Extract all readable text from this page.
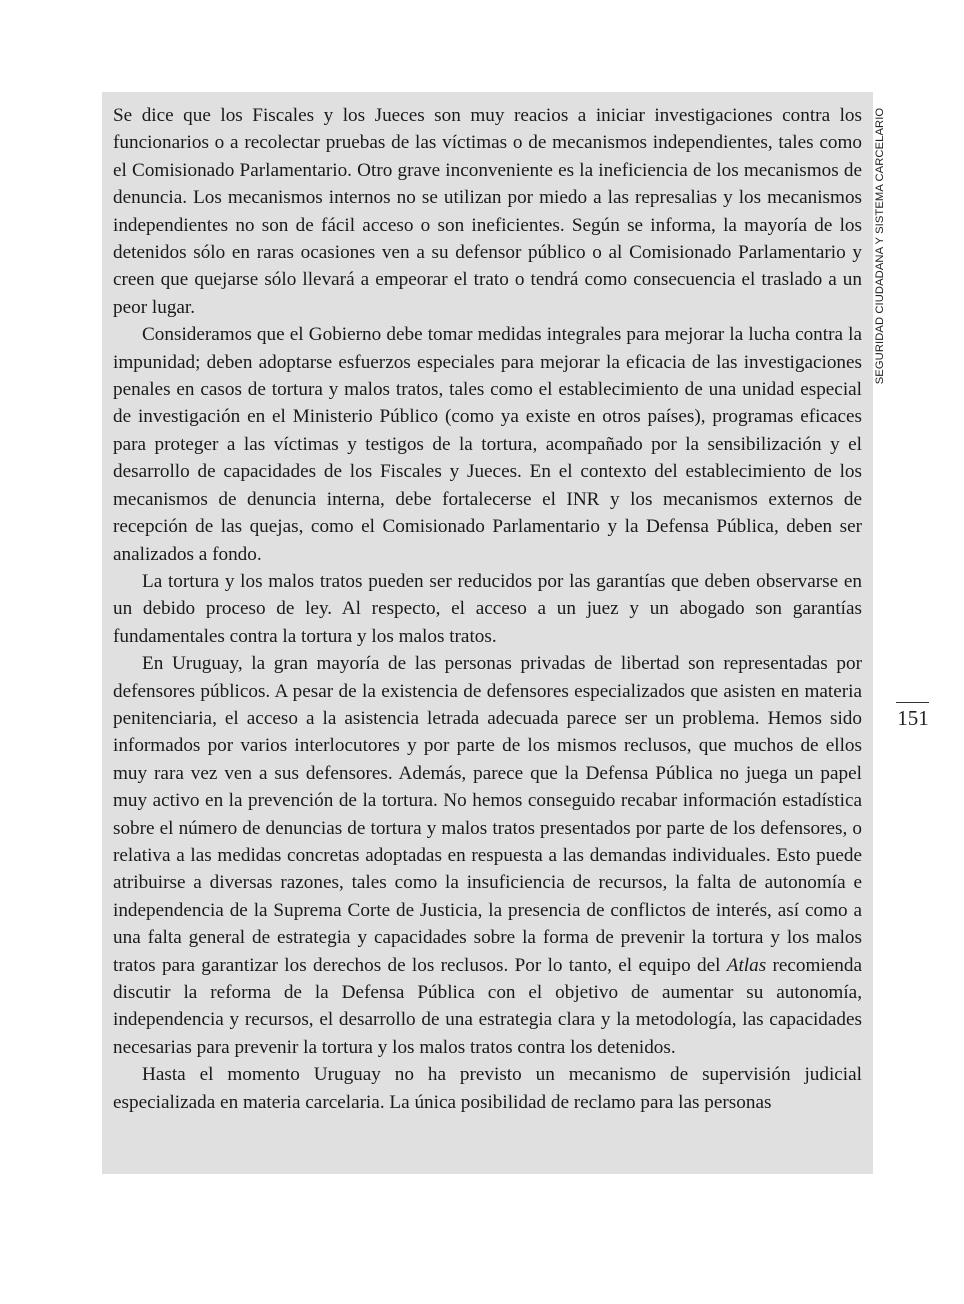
Se dice que los Fiscales y los Jueces son muy reacios a iniciar investigaciones contra los funcionarios o a recolectar pruebas de las víctimas o de mecanismos independientes, tales como el Comisionado Parlamentario. Otro grave inconveniente es la ineficiencia de los mecanismos de denuncia. Los mecanismos internos no se utilizan por miedo a las represalias y los mecanismos independientes no son de fácil acceso o son ineficientes. Según se informa, la mayoría de los detenidos sólo en raras ocasiones ven a su defensor público o al Comisionado Parlamentario y creen que quejarse sólo llevará a empeorar el trato o tendrá como consecuencia el traslado a un peor lugar.

Consideramos que el Gobierno debe tomar medidas integrales para mejorar la lucha contra la impunidad; deben adoptarse esfuerzos especiales para mejorar la eficacia de las investigaciones penales en casos de tortura y malos tratos, tales como el establecimiento de una unidad especial de investigación en el Ministerio Público (como ya existe en otros países), programas eficaces para proteger a las víctimas y testigos de la tortura, acompañado por la sensibilización y el desarrollo de capacidades de los Fiscales y Jueces. En el contexto del establecimiento de los mecanismos de denuncia interna, debe fortalecerse el INR y los mecanismos externos de recepción de las quejas, como el Comisionado Parlamentario y la Defensa Pública, deben ser analizados a fondo.

La tortura y los malos tratos pueden ser reducidos por las garantías que deben observarse en un debido proceso de ley. Al respecto, el acceso a un juez y un abogado son garantías fundamentales contra la tortura y los malos tratos.

En Uruguay, la gran mayoría de las personas privadas de libertad son representadas por defensores públicos. A pesar de la existencia de defensores especializados que asisten en materia penitenciaria, el acceso a la asistencia letrada adecuada parece ser un problema. Hemos sido informados por varios interlocutores y por parte de los mismos reclusos, que muchos de ellos muy rara vez ven a sus defensores. Además, parece que la Defensa Pública no juega un papel muy activo en la prevención de la tortura. No hemos conseguido recabar información estadística sobre el número de denuncias de tortura y malos tratos presentados por parte de los defensores, o relativa a las medidas concretas adoptadas en respuesta a las demandas individuales. Esto puede atribuirse a diversas razones, tales como la insuficiencia de recursos, la falta de autonomía e independencia de la Suprema Corte de Justicia, la presencia de conflictos de interés, así como a una falta general de estrategia y capacidades sobre la forma de prevenir la tortura y los malos tratos para garantizar los derechos de los reclusos. Por lo tanto, el equipo del Atlas recomienda discutir la reforma de la Defensa Pública con el objetivo de aumentar su autonomía, independencia y recursos, el desarrollo de una estrategia clara y la metodología, las capacidades necesarias para prevenir la tortura y los malos tratos contra los detenidos.

Hasta el momento Uruguay no ha previsto un mecanismo de supervisión judicial especializada en materia carcelaria. La única posibilidad de reclamo para las personas

SEGURIDAD CIUDADANA Y SISTEMA CARCELARIO
151
